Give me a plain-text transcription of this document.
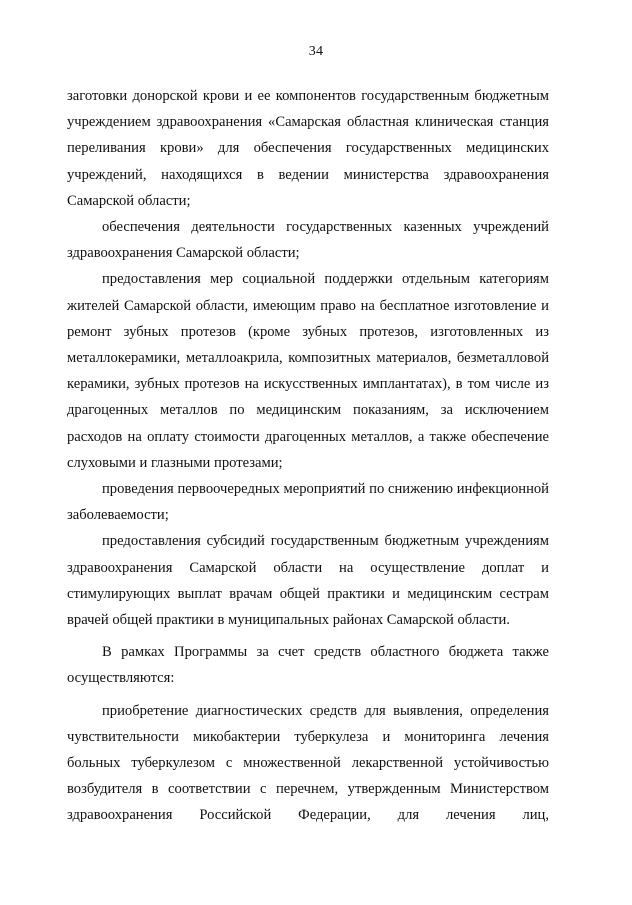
34

заготовки донорской крови и ее компонентов государственным бюджетным учреждением здравоохранения «Самарская областная клиническая станция переливания крови» для обеспечения государственных медицинских учреждений, находящихся в ведении министерства здравоохранения Самарской области;

обеспечения деятельности государственных казенных учреждений здравоохранения Самарской области;

предоставления мер социальной поддержки отдельным категориям жителей Самарской области, имеющим право на бесплатное изготовление и ремонт зубных протезов (кроме зубных протезов, изготовленных из металлокерамики, металлоакрила, композитных материалов, безметалловой керамики, зубных протезов на искусственных имплантатах), в том числе из драгоценных металлов по медицинским показаниям, за исключением расходов на оплату стоимости драгоценных металлов, а также обеспечение слуховыми и глазными протезами;

проведения первоочередных мероприятий по снижению инфекционной заболеваемости;

предоставления субсидий государственным бюджетным учреждениям здравоохранения Самарской области на осуществление доплат и стимулирующих выплат врачам общей практики и медицинским сестрам врачей общей практики в муниципальных районах Самарской области.

В рамках Программы за счет средств областного бюджета также осуществляются:

приобретение диагностических средств для выявления, определения чувствительности микобактерии туберкулеза и мониторинга лечения больных туберкулезом с множественной лекарственной устойчивостью возбудителя в соответствии с перечнем, утвержденным Министерством здравоохранения Российской Федерации, для лечения лиц,
